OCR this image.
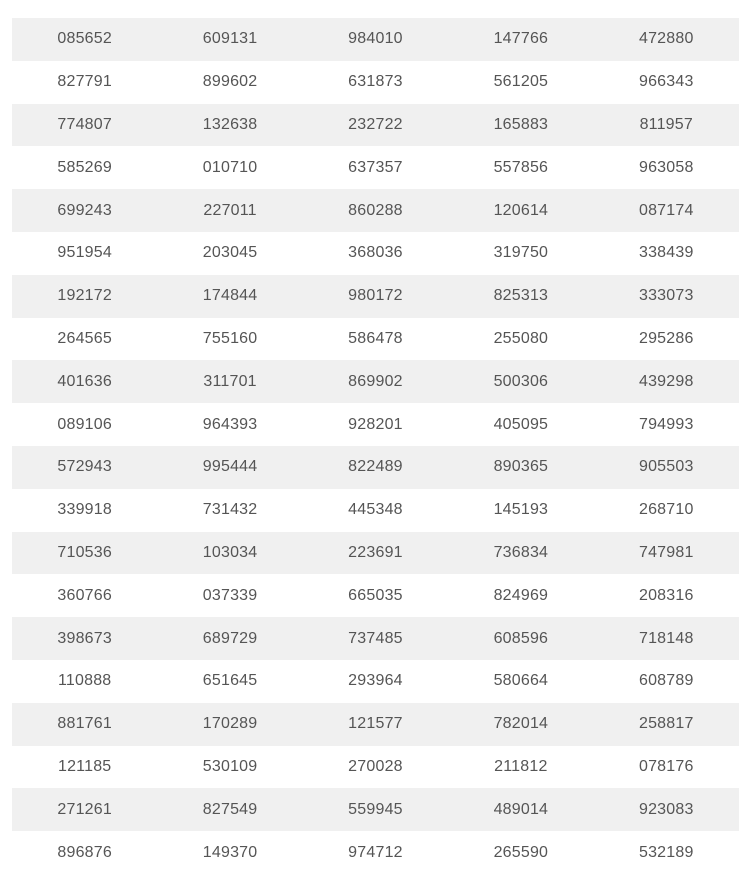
085652	609131	984010	147766	472880
827791	899602	631873	561205	966343
774807	132638	232722	165883	811957
585269	010710	637357	557856	963058
699243	227011	860288	120614	087174
951954	203045	368036	319750	338439
192172	174844	980172	825313	333073
264565	755160	586478	255080	295286
401636	311701	869902	500306	439298
089106	964393	928201	405095	794993
572943	995444	822489	890365	905503
339918	731432	445348	145193	268710
710536	103034	223691	736834	747981
360766	037339	665035	824969	208316
398673	689729	737485	608596	718148
110888	651645	293964	580664	608789
881761	170289	121577	782014	258817
121185	530109	270028	211812	078176
271261	827549	559945	489014	923083
896876	149370	974712	265590	532189
